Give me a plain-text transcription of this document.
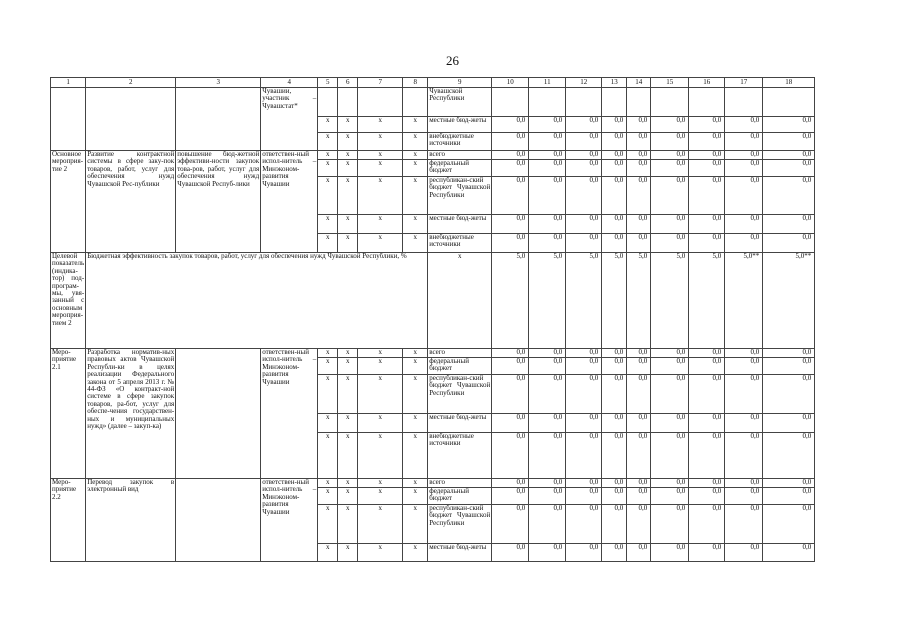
26
1	2	3	4	5	6	7	8	9	10	11	12	13	14	15	16	17	18
			Чувашии, участник – Чувашстат*					Чувашской Республики									
				x	x	x	x	местные бюд-жеты	0,0	0,0	0,0	0,0	0,0	0,0	0,0	0,0	0,0
				x	x	x	x	внебюджетные источники	0,0	0,0	0,0	0,0	0,0	0,0	0,0	0,0	0,0
Основное мероприя-тие 2	Развитие контрактной системы в сфере заку-пок товаров, работ, услуг для обеспечения нужд Чувашской Рес-публики	повышение бюд-жетной эффективи-ности закупок това-ров, работ, услуг для обеспечения нужд Чувашской Респуб-лики	ответствен-ный испол-нитель – Минэконом-развития Чувашии	x	x	x	x	всего	0,0	0,0	0,0	0,0	0,0	0,0	0,0	0,0	0,0
				x	x	x	x	федеральный бюджет	0,0	0,0	0,0	0,0	0,0	0,0	0,0	0,0	0,0
				x	x	x	x	республикан-ский бюджет Чувашской Республики	0,0	0,0	0,0	0,0	0,0	0,0	0,0	0,0	0,0
				x	x	x	x	местные бюд-жеты	0,0	0,0	0,0	0,0	0,0	0,0	0,0	0,0	0,0
				x	x	x	x	внебюджетные источники	0,0	0,0	0,0	0,0	0,0	0,0	0,0	0,0	0,0
Целевой показатель (индика-тор) под-програм-мы, увя-занный с основным мероприя-тием 2	Бюджетная эффективность закупок товаров, работ, услуг для обеспечения нужд Чувашской Республики, %							x	5,0	5,0	5,0	5,0	5,0	5,0	5,0	5,0**	5,0**
Меро-приятие 2.1	Разработка норматив-ных правовых актов Чувашской Республи-ки в целях реализации Федерального закона от 5 апреля 2013 г. № 44-ФЗ «О контракт-ной системе в сфере закупок товаров, ра-бот, услуг для обеспе-чения государствен-ных и муниципальных нужд» (далее – закуп-ка)		ответствен-ный испол-нитель – Минэконом-развития Чувашии	x	x	x	x	всего	0,0	0,0	0,0	0,0	0,0	0,0	0,0	0,0	0,0
				x	x	x	x	федеральный бюджет	0,0	0,0	0,0	0,0	0,0	0,0	0,0	0,0	0,0
				x	x	x	x	республикан-ский бюджет Чувашской Республики	0,0	0,0	0,0	0,0	0,0	0,0	0,0	0,0	0,0
				x	x	x	x	местные бюд-жеты	0,0	0,0	0,0	0,0	0,0	0,0	0,0	0,0	0,0
				x	x	x	x	внебюджетные источники	0,0	0,0	0,0	0,0	0,0	0,0	0,0	0,0	0,0
Меро-приятие 2.2	Перевод закупок в электронный вид		ответствен-ный испол-нитель – Минэконом-развития Чувашии	x	x	x	x	всего	0,0	0,0	0,0	0,0	0,0	0,0	0,0	0,0	0,0
				x	x	x	x	федеральный бюджет	0,0	0,0	0,0	0,0	0,0	0,0	0,0	0,0	0,0
				x	x	x	x	республикан-ский бюджет Чувашской Республики	0,0	0,0	0,0	0,0	0,0	0,0	0,0	0,0	0,0
				x	x	x	x	местные бюд-жеты	0,0	0,0	0,0	0,0	0,0	0,0	0,0	0,0	0,0
